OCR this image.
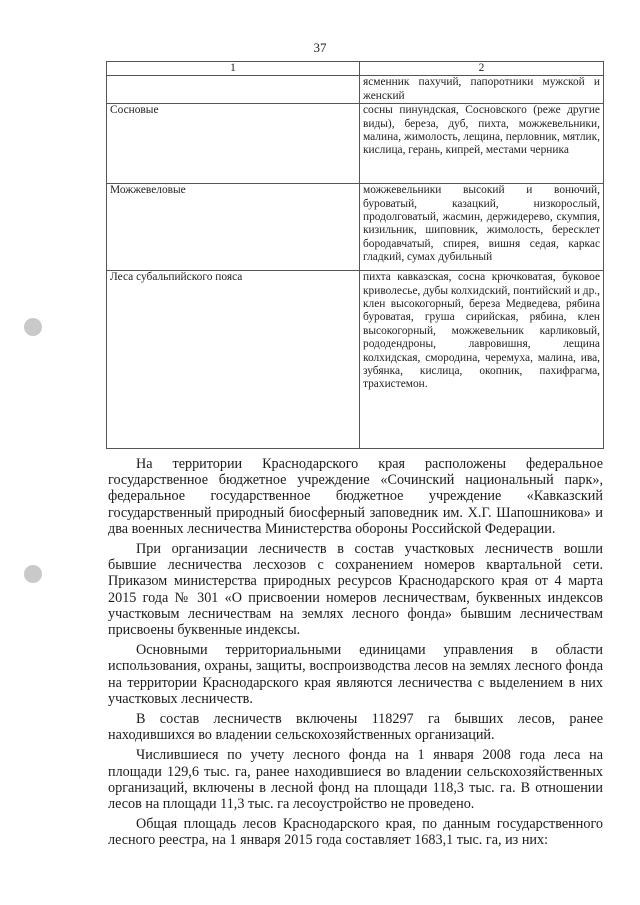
37
1	2
	ясменник пахучий, папоротники мужской и женский
Сосновые	сосны пинундская, Сосновского (реже другие виды), береза, дуб, пихта, можжевельники, малина, жимолость, лещина, перловник, мятлик, кислица, герань, кипрей, местами черника
Можжевеловые	можжевельники высокий и вонючий, буроватый, казацкий, низкорослый, продолговатый, жасмин, держидерево, скумпия, кизильник, шиповник, жимолость, бересклет бородавчатый, спирея, вишня седая, каркас гладкий, сумах дубильный
Леса субальпийского пояса	пихта кавказская, сосна крючковатая, буковое криволесье, дубы колхидский, понтийский и др., клен высокогорный, береза Медведева, рябина буроватая, груша сирийская, рябина, клен высокогорный, можжевельник карликовый, рододендроны, лавровишня, лещина колхидская, смородина, черемуха, малина, ива, зубянка, кислица, окопник, пахифрагма, трахистемон.

На территории Краснодарского края расположены федеральное государственное бюджетное учреждение «Сочинский национальный парк», федеральное государственное бюджетное учреждение «Кавказский государственный природный биосферный заповедник им. Х.Г. Шапошникова» и два военных лесничества Министерства обороны Российской Федерации.

При организации лесничеств в состав участковых лесничеств вошли бывшие лесничества лесхозов с сохранением номеров квартальной сети. Приказом министерства природных ресурсов Краснодарского края от 4 марта 2015 года № 301 «О присвоении номеров лесничествам, буквенных индексов участковым лесничествам на землях лесного фонда» бывшим лесничествам присвоены буквенные индексы.

Основными территориальными единицами управления в области использования, охраны, защиты, воспроизводства лесов на землях лесного фонда на территории Краснодарского края являются лесничества с выделением в них участковых лесничеств.

В состав лесничеств включены 118297 га бывших лесов, ранее находившихся во владении сельскохозяйственных организаций.

Числившиеся по учету лесного фонда на 1 января 2008 года леса на площади 129,6 тыс. га, ранее находившиеся во владении сельскохозяйственных организаций, включены в лесной фонд на площади 118,3 тыс. га. В отношении лесов на площади 11,3 тыс. га лесоустройство не проведено.

Общая площадь лесов Краснодарского края, по данным государственного лесного реестра, на 1 января 2015 года составляет 1683,1 тыс. га, из них:
